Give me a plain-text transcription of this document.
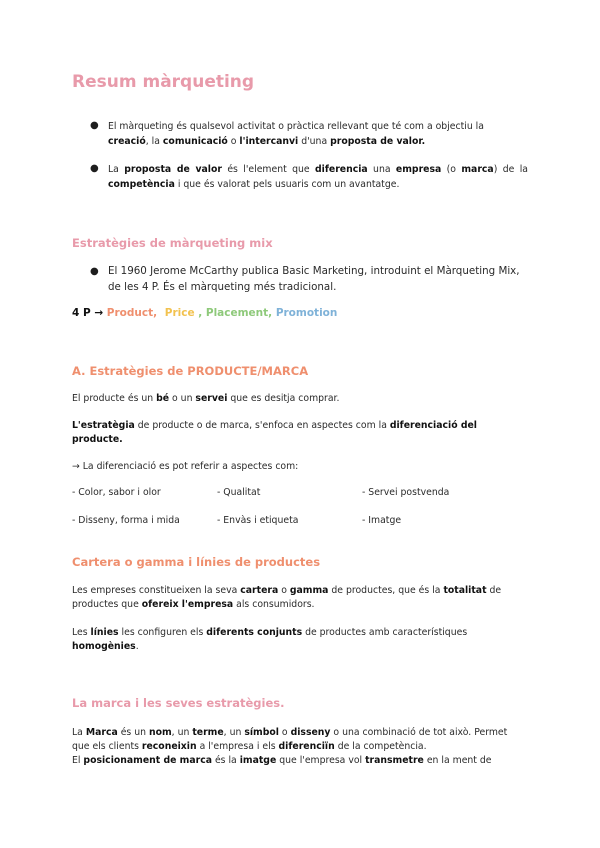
Resum màrqueting
● El màrqueting és qualsevol activitat o pràctica rellevant que té com a objectiu la
creació, la comunicació o l'intercanvi d'una proposta de valor.
● La proposta de valor és l'element que diferencia una empresa (o marca) de la
competència i que és valorat pels usuaris com un avantatge.
Estratègies de màrqueting mix
● El 1960 Jerome McCarthy publica Basic Marketing, introduint el Màrqueting Mix,
de les 4 P. És el màrqueting més tradicional.
4 P → Product, Price , Placement, Promotion
A. Estratègies de PRODUCTE/MARCA
El producte és un bé o un servei que es desitja comprar.
L'estratègia de producte o de marca, s'enfoca en aspectes com la diferenciació del
producte.
→ La diferenciació es pot referir a aspectes com:
- Color, sabor i olor	- Qualitat	- Servei postvenda
- Disseny, forma i mida	- Envàs i etiqueta	- Imatge
Cartera o gamma i línies de productes
Les empreses constitueixen la seva cartera o gamma de productes, que és la totalitat de
productes que ofereix l'empresa als consumidors.
Les línies les configuren els diferents conjunts de productes amb característiques
homogènies.
La marca i les seves estratègies.
La Marca és un nom, un terme, un símbol o disseny o una combinació de tot això. Permet
que els clients reconeixin a l'empresa i els diferenciïn de la competència.
El posicionament de marca és la imatge que l'empresa vol transmetre en la ment de
